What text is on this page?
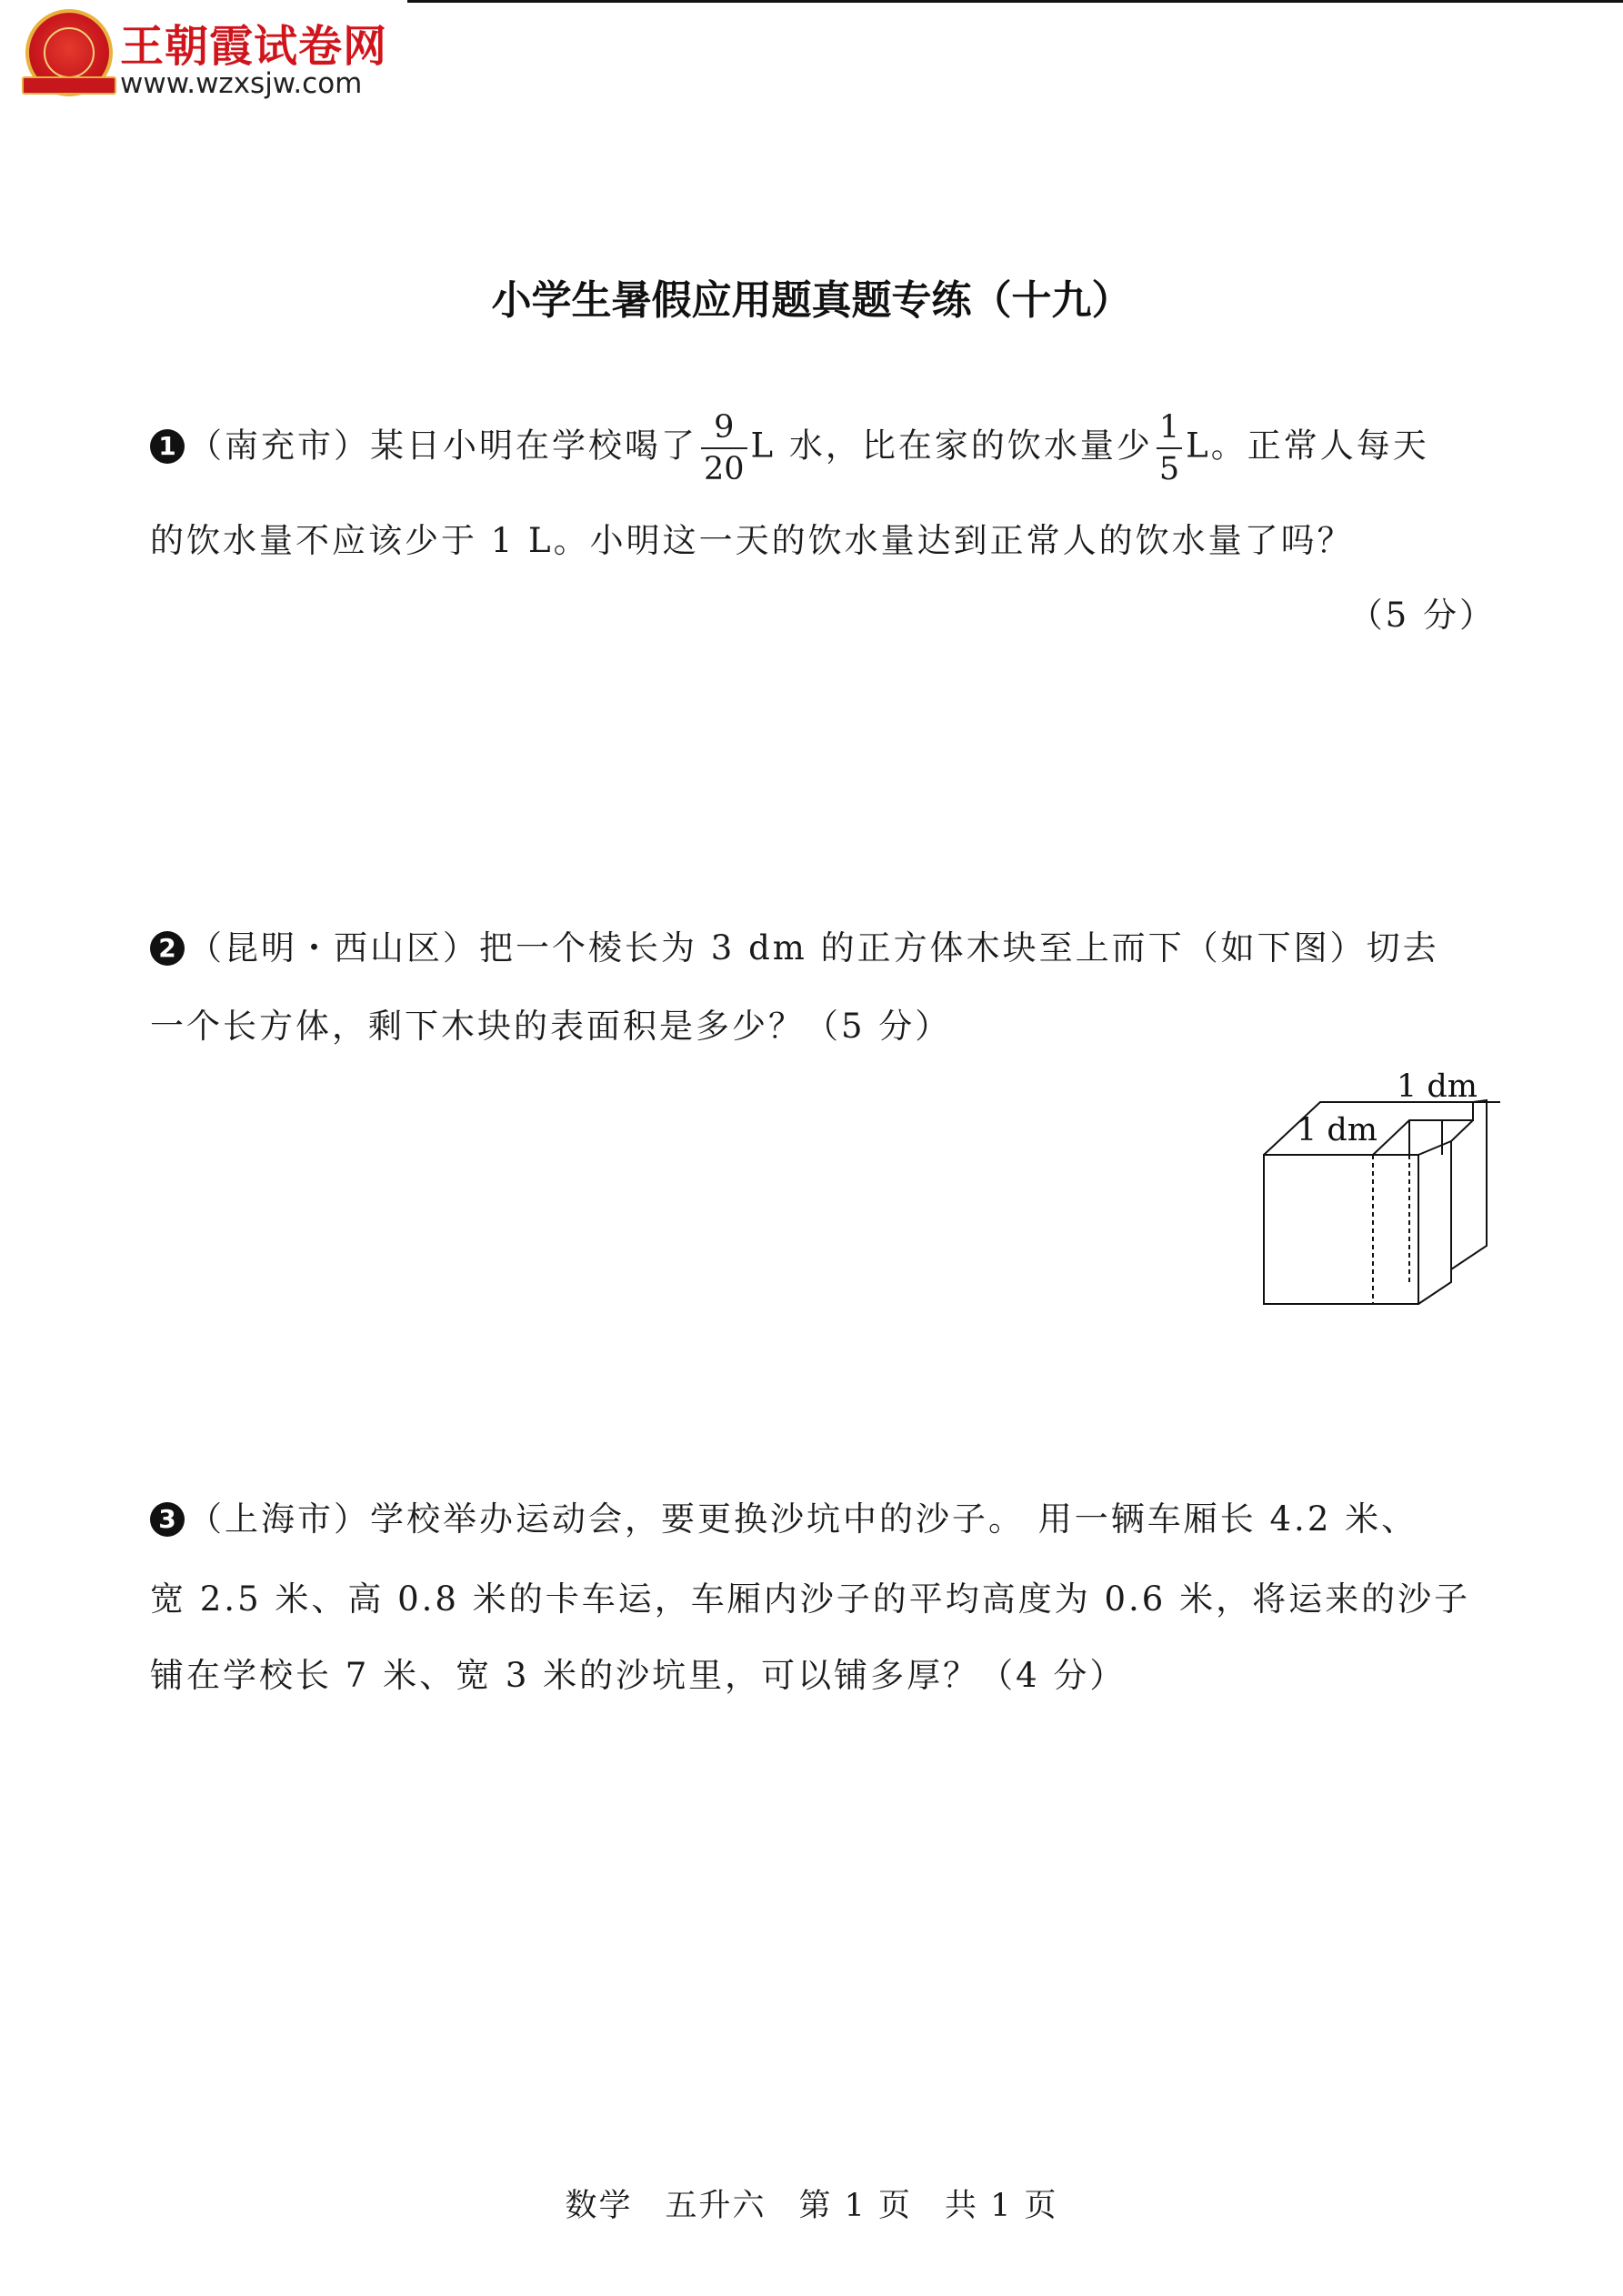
王朝霞试卷网
www.wzxsjw.com
小学生暑假应用题真题专练（十九）
1 （南充市）某日小明在学校喝了 $\frac{9}{20}$ L 水，比在家的饮水量少 $\frac{1}{5}$ L。正常人每天
的饮水量不应该少于 1 L。小明这一天的饮水量达到正常人的饮水量了吗？
（5 分）
2 （昆明・西山区）把一个棱长为 3 dm 的正方体木块至上而下（如下图）切去
一个长方体，剩下木块的表面积是多少？（5 分）
1 dm
1 dm
3 （上海市）学校举办运动会，要更换沙坑中的沙子。 用一辆车厢长 4.2 米、
宽 2.5 米、高 0.8 米的卡车运，车厢内沙子的平均高度为 0.6 米，将运来的沙子
铺在学校长 7 米、宽 3 米的沙坑里，可以铺多厚？（4 分）
数学 五升六 第 1 页 共 1 页
